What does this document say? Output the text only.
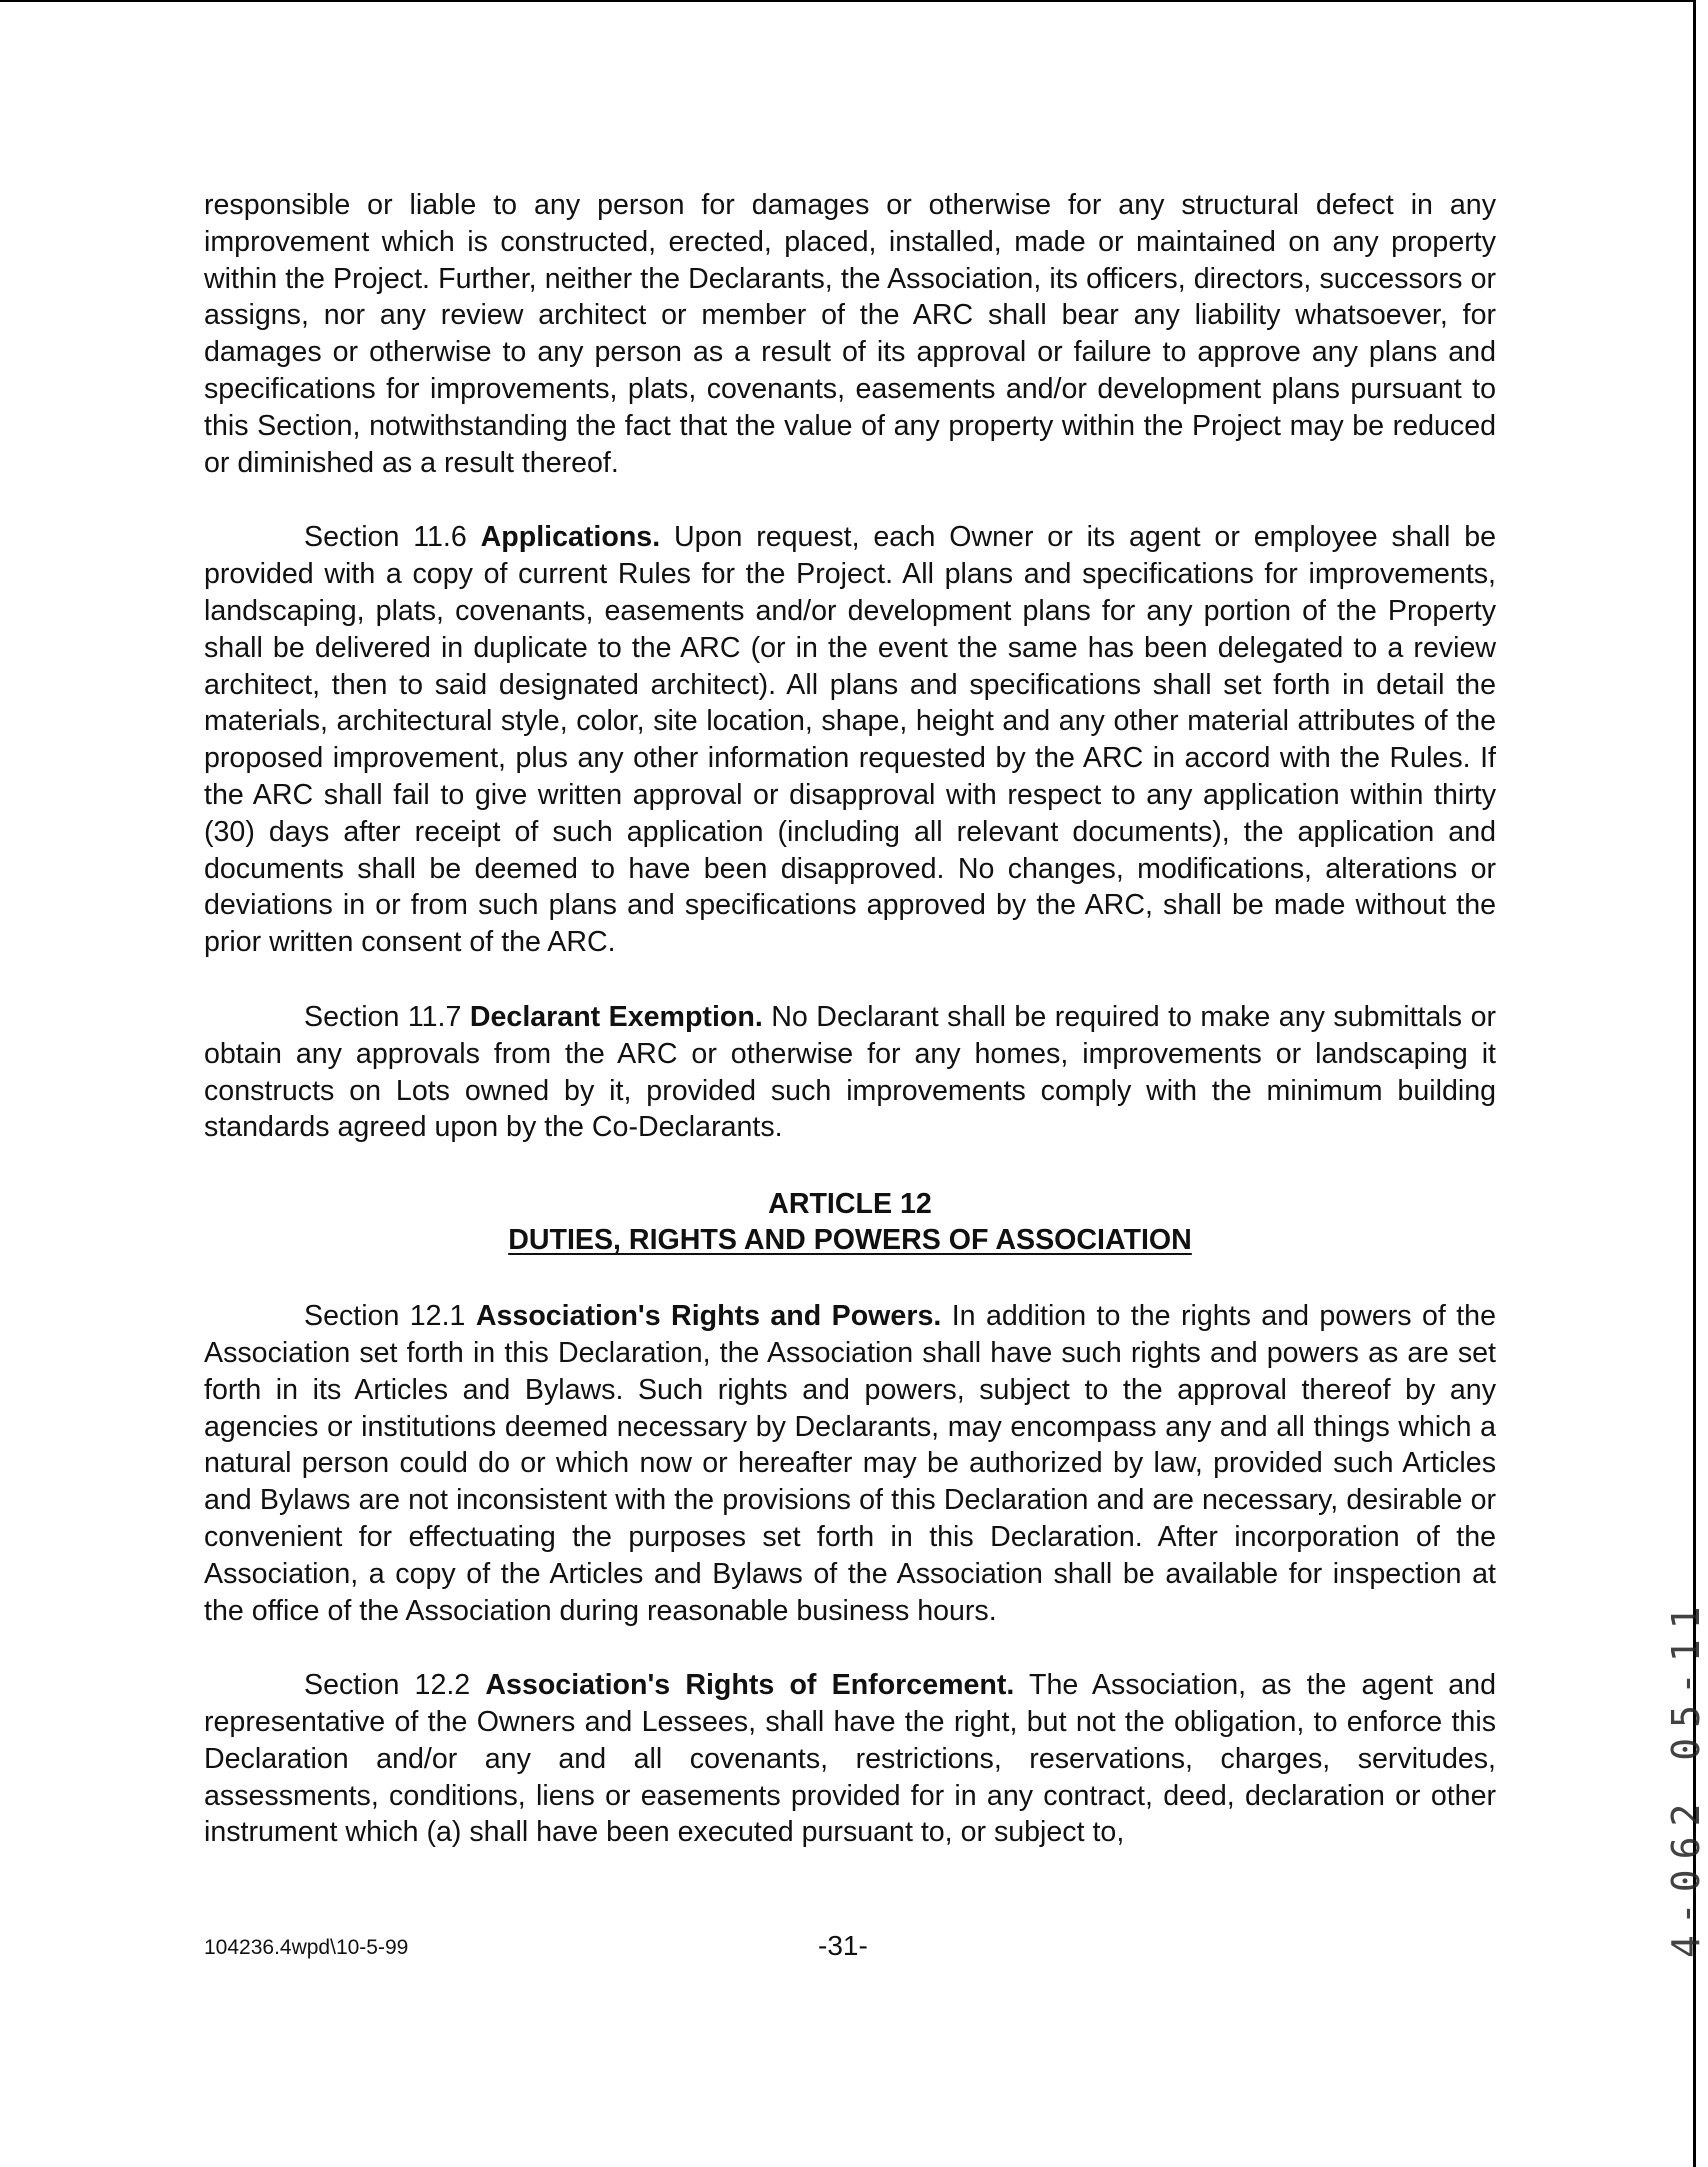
responsible or liable to any person for damages or otherwise for any structural defect in any improvement which is constructed, erected, placed, installed, made or maintained on any property within the Project. Further, neither the Declarants, the Association, its officers, directors, successors or assigns, nor any review architect or member of the ARC shall bear any liability whatsoever, for damages or otherwise to any person as a result of its approval or failure to approve any plans and specifications for improvements, plats, covenants, easements and/or development plans pursuant to this Section, notwithstanding the fact that the value of any property within the Project may be reduced or diminished as a result thereof.

Section 11.6 Applications. Upon request, each Owner or its agent or employee shall be provided with a copy of current Rules for the Project. All plans and specifications for improvements, landscaping, plats, covenants, easements and/or development plans for any portion of the Property shall be delivered in duplicate to the ARC (or in the event the same has been delegated to a review architect, then to said designated architect). All plans and specifications shall set forth in detail the materials, architectural style, color, site location, shape, height and any other material attributes of the proposed improvement, plus any other information requested by the ARC in accord with the Rules. If the ARC shall fail to give written approval or disapproval with respect to any application within thirty (30) days after receipt of such application (including all relevant documents), the application and documents shall be deemed to have been disapproved. No changes, modifications, alterations or deviations in or from such plans and specifications approved by the ARC, shall be made without the prior written consent of the ARC.

Section 11.7 Declarant Exemption. No Declarant shall be required to make any submittals or obtain any approvals from the ARC or otherwise for any homes, improvements or landscaping it constructs on Lots owned by it, provided such improvements comply with the minimum building standards agreed upon by the Co-Declarants.

ARTICLE 12

DUTIES, RIGHTS AND POWERS OF ASSOCIATION

Section 12.1 Association's Rights and Powers. In addition to the rights and powers of the Association set forth in this Declaration, the Association shall have such rights and powers as are set forth in its Articles and Bylaws. Such rights and powers, subject to the approval thereof by any agencies or institutions deemed necessary by Declarants, may encompass any and all things which a natural person could do or which now or hereafter may be authorized by law, provided such Articles and Bylaws are not inconsistent with the provisions of this Declaration and are necessary, desirable or convenient for effectuating the purposes set forth in this Declaration. After incorporation of the Association, a copy of the Articles and Bylaws of the Association shall be available for inspection at the office of the Association during reasonable business hours.

Section 12.2 Association's Rights of Enforcement. The Association, as the agent and representative of the Owners and Lessees, shall have the right, but not the obligation, to enforce this Declaration and/or any and all covenants, restrictions, reservations, charges, servitudes, assessments, conditions, liens or easements provided for in any contract, deed, declaration or other instrument which (a) shall have been executed pursuant to, or subject to,

104236.4wpd\10-5-99	-31-	4-062 05-11
